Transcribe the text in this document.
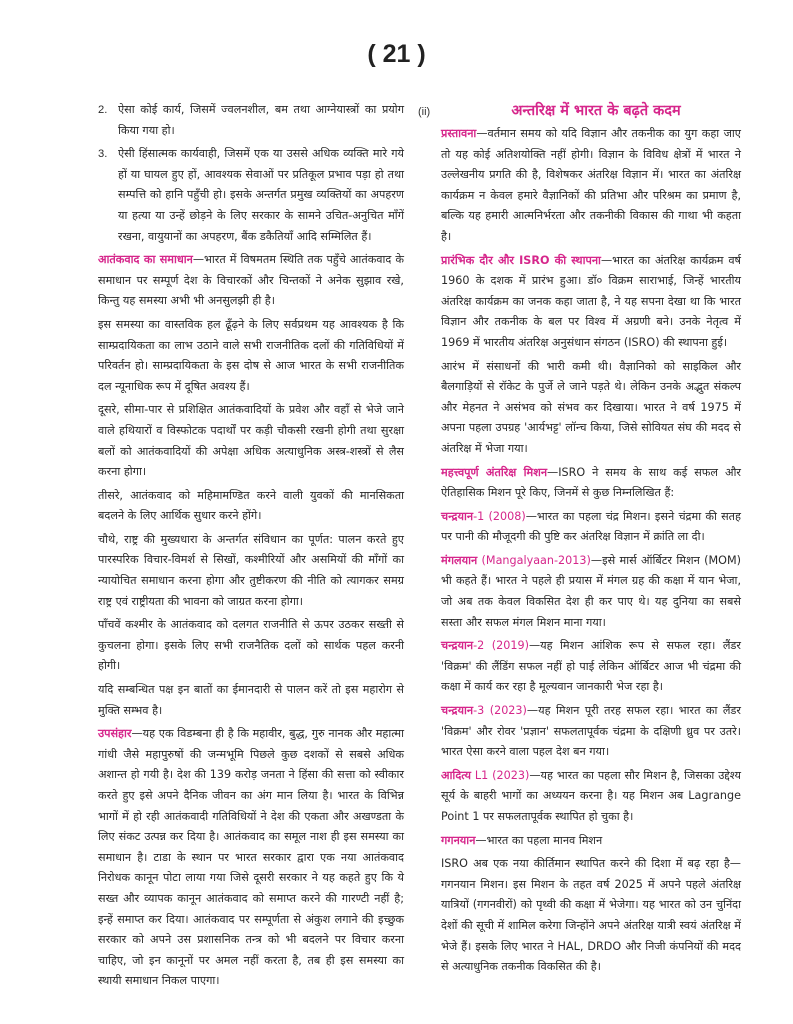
( 21 )
2. ऐसा कोई कार्य, जिसमें ज्वलनशील, बम तथा आग्नेयास्त्रों का प्रयोग किया गया हो।
3. ऐसी हिंसात्मक कार्यवाही, जिसमें एक या उससे अधिक व्यक्ति मारे गये हों या घायल हुए हों, आवश्यक सेवाओं पर प्रतिकूल प्रभाव पड़ा हो तथा सम्पत्ति को हानि पहुँची हो। इसके अन्तर्गत प्रमुख व्यक्तियों का अपहरण या हत्या या उन्हें छोड़ने के लिए सरकार के सामने उचित-अनुचित माँगें रखना, वायुयानों का अपहरण, बैंक डकैतियाँ आदि सम्मिलित हैं।

आतंकवाद का समाधान—भारत में विषमतम स्थिति तक पहुँचे आतंकवाद के समाधान पर सम्पूर्ण देश के विचारकों और चिन्तकों ने अनेक सुझाव रखे, किन्तु यह समस्या अभी भी अनसुलझी ही है।

इस समस्या का वास्तविक हल ढूँढ़ने के लिए सर्वप्रथम यह आवश्यक है कि साम्प्रदायिकता का लाभ उठाने वाले सभी राजनीतिक दलों की गतिविधियों में परिवर्तन हो। साम्प्रदायिकता के इस दोष से आज भारत के सभी राजनीतिक दल न्यूनाधिक रूप में दूषित अवश्य हैं।

दूसरे, सीमा-पार से प्रशिक्षित आतंकवादियों के प्रवेश और वहाँ से भेजे जाने वाले हथियारों व विस्फोटक पदार्थों पर कड़ी चौकसी रखनी होगी तथा सुरक्षा बलों को आतंकवादियों की अपेक्षा अधिक अत्याधुनिक अस्त्र-शस्त्रों से लैस करना होगा।

तीसरे, आतंकवाद को महिमामण्डित करने वाली युवकों की मानसिकता बदलने के लिए आर्थिक सुधार करने होंगे।

चौथे, राष्ट्र की मुख्यधारा के अन्तर्गत संविधान का पूर्णत: पालन करते हुए पारस्परिक विचार-विमर्श से सिखों, कश्मीरियों और असमियों की माँगों का न्यायोचित समाधान करना होगा और तुष्टीकरण की नीति को त्यागकर समग्र राष्ट्र एवं राष्ट्रीयता की भावना को जाग्रत करना होगा।

पाँचवें कश्मीर के आतंकवाद को दलगत राजनीति से ऊपर उठकर सख्ती से कुचलना होगा। इसके लिए सभी राजनैतिक दलों को सार्थक पहल करनी होगी।

यदि सम्बन्धित पक्ष इन बातों का ईमानदारी से पालन करें तो इस महारोग से मुक्ति सम्भव है।

उपसंहार—यह एक विडम्बना ही है कि महावीर, बुद्ध, गुरु नानक और महात्मा गांधी जैसे महापुरुषों की जन्मभूमि पिछले कुछ दशकों से सबसे अधिक अशान्त हो गयी है। देश की 139 करोड़ जनता ने हिंसा की सत्ता को स्वीकार करते हुए इसे अपने दैनिक जीवन का अंग मान लिया है। भारत के विभिन्न भागों में हो रही आतंकवादी गतिविधियों ने देश की एकता और अखण्डता के लिए संकट उत्पन्न कर दिया है। आतंकवाद का समूल नाश ही इस समस्या का समाधान है। टाडा के स्थान पर भारत सरकार द्वारा एक नया आतंकवाद निरोधक कानून पोटा लाया गया जिसे दूसरी सरकार ने यह कहते हुए कि ये सख्त और व्यापक कानून आतंकवाद को समाप्त करने की गारण्टी नहीं है; इन्हें समाप्त कर दिया। आतंकवाद पर सम्पूर्णता से अंकुश लगाने की इच्छुक सरकार को अपने उस प्रशासनिक तन्त्र को भी बदलने पर विचार करना चाहिए, जो इन कानूनों पर अमल नहीं करता है, तब ही इस समस्या का स्थायी समाधान निकल पाएगा।

(ii)	अन्तरिक्ष में भारत के बढ़ते कदम

प्रस्तावना—वर्तमान समय को यदि विज्ञान और तकनीक का युग कहा जाए तो यह कोई अतिशयोक्ति नहीं होगी। विज्ञान के विविध क्षेत्रों में भारत ने उल्लेखनीय प्रगति की है, विशेषकर अंतरिक्ष विज्ञान में। भारत का अंतरिक्ष कार्यक्रम न केवल हमारे वैज्ञानिकों की प्रतिभा और परिश्रम का प्रमाण है, बल्कि यह हमारी आत्मनिर्भरता और तकनीकी विकास की गाथा भी कहता है।

प्रारंभिक दौर और ISRO की स्थापना—भारत का अंतरिक्ष कार्यक्रम वर्ष 1960 के दशक में प्रारंभ हुआ। डॉ० विक्रम साराभाई, जिन्हें भारतीय अंतरिक्ष कार्यक्रम का जनक कहा जाता है, ने यह सपना देखा था कि भारत विज्ञान और तकनीक के बल पर विश्व में अग्रणी बने। उनके नेतृत्व में 1969 में भारतीय अंतरिक्ष अनुसंधान संगठन (ISRO) की स्थापना हुई।

आरंभ में संसाधनों की भारी कमी थी। वैज्ञानिको को साइकिल और बैलगाड़ियों से रॉकेट के पुर्जे ले जाने पड़ते थे। लेकिन उनके अद्भुत संकल्प और मेहनत ने असंभव को संभव कर दिखाया। भारत ने वर्ष 1975 में अपना पहला उपग्रह 'आर्यभट्ट' लॉन्च किया, जिसे सोवियत संघ की मदद से अंतरिक्ष में भेजा गया।

महत्त्वपूर्ण अंतरिक्ष मिशन—ISRO ने समय के साथ कई सफल और ऐतिहासिक मिशन पूरे किए, जिनमें से कुछ निम्नलिखित हैं:

चन्द्रयान-1 (2008)—भारत का पहला चंद्र मिशन। इसने चंद्रमा की सतह पर पानी की मौजूदगी की पुष्टि कर अंतरिक्ष विज्ञान में क्रांति ला दी।

मंगलयान (Mangalyaan-2013)—इसे मार्स ऑर्बिटर मिशन (MOM) भी कहते हैं। भारत ने पहले ही प्रयास में मंगल ग्रह की कक्षा में यान भेजा, जो अब तक केवल विकसित देश ही कर पाए थे। यह दुनिया का सबसे सस्ता और सफल मंगल मिशन माना गया।

चन्द्रयान-2 (2019)—यह मिशन आंशिक रूप से सफल रहा। लैंडर 'विक्रम' की लैंडिंग सफल नहीं हो पाई लेकिन ऑर्बिटर आज भी चंद्रमा की कक्षा में कार्य कर रहा है मूल्यवान जानकारी भेज रहा है।

चन्द्रयान-3 (2023)—यह मिशन पूरी तरह सफल रहा। भारत का लैंडर 'विक्रम' और रोवर 'प्रज्ञान' सफलतापूर्वक चंद्रमा के दक्षिणी ध्रुव पर उतरे। भारत ऐसा करने वाला पहल देश बन गया।

आदित्य L1 (2023)—यह भारत का पहला सौर मिशन है, जिसका उद्देश्य सूर्य के बाहरी भागों का अध्ययन करना है। यह मिशन अब Lagrange Point 1 पर सफलतापूर्वक स्थापित हो चुका है।

गगनयान—भारत का पहला मानव मिशन

ISRO अब एक नया कीर्तिमान स्थापित करने की दिशा में बढ़ रहा है—गगनयान मिशन। इस मिशन के तहत वर्ष 2025 में अपने पहले अंतरिक्ष यात्रियों (गगनवीरों) को पृथ्वी की कक्षा में भेजेगा। यह भारत को उन चुनिंदा देशों की सूची में शामिल करेगा जिन्होंने अपने अंतरिक्ष यात्री स्वयं अंतरिक्ष में भेजे हैं। इसके लिए भारत ने HAL, DRDO और निजी कंपनियों की मदद से अत्याधुनिक तकनीक विकसित की है।
